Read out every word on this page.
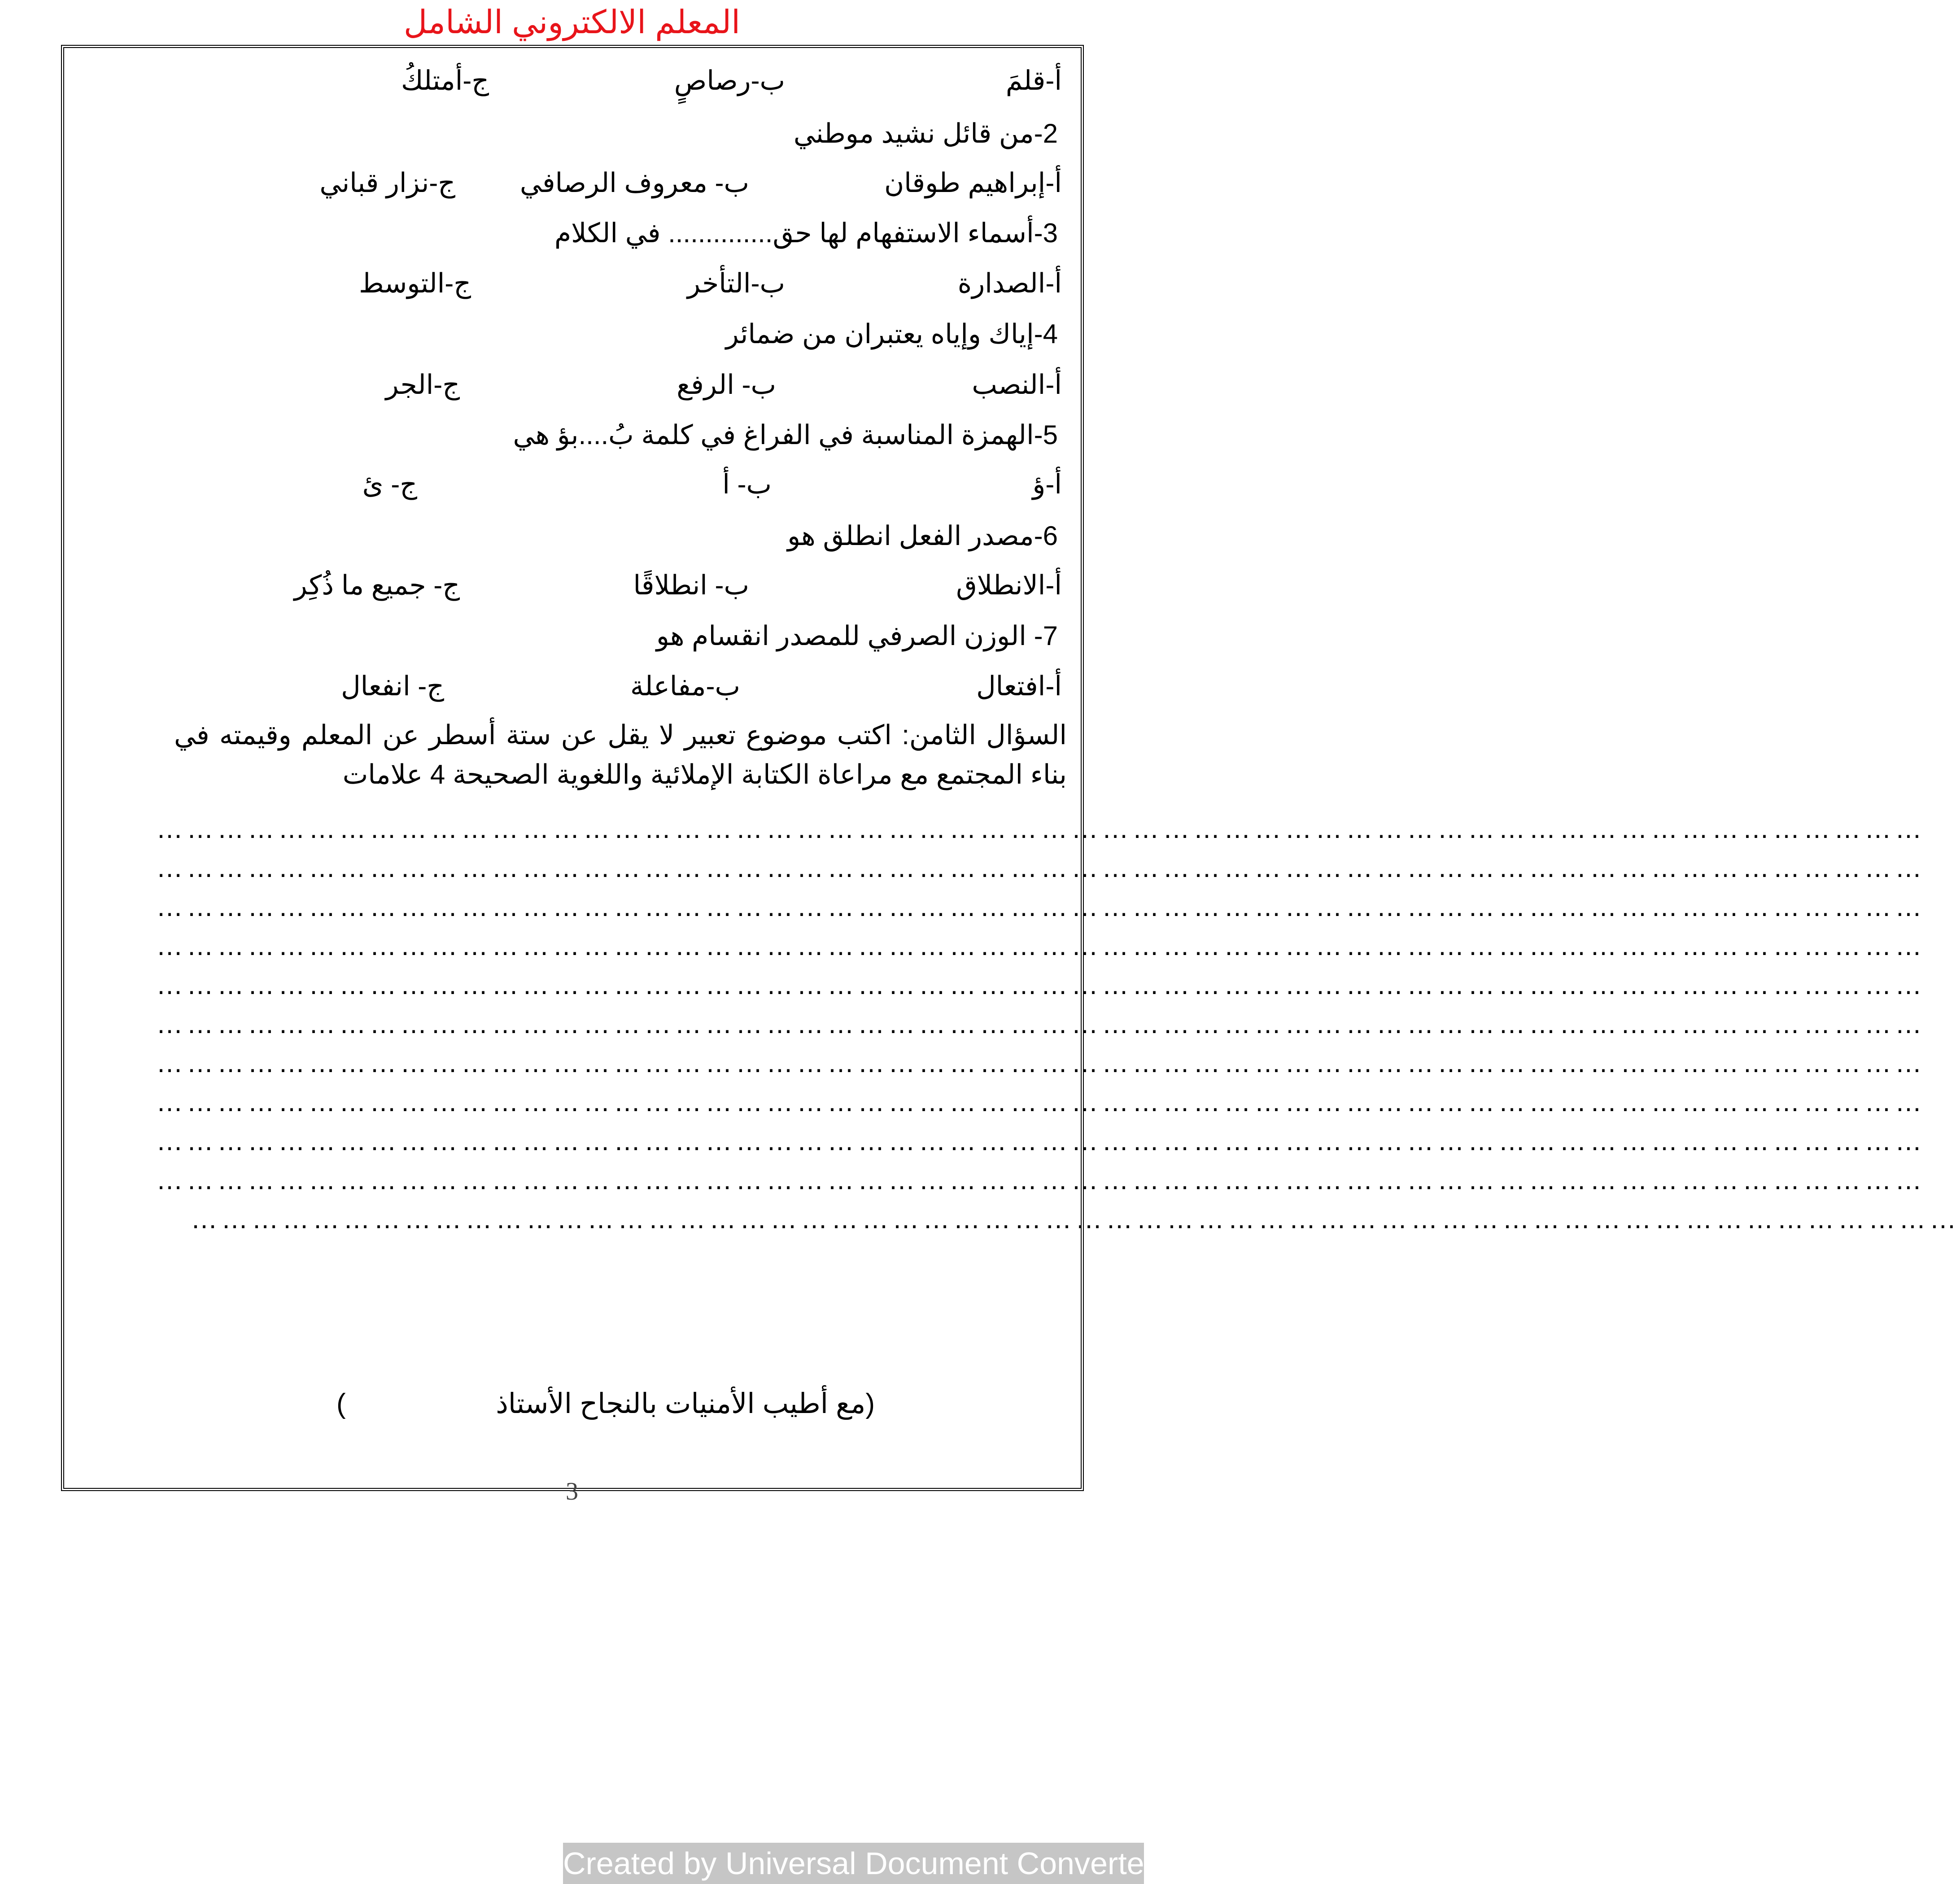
المعلم الالكتروني الشامل
أ-قلمَ
ب-رصاصٍ
ج-أمتلكُ
2-من قائل نشيد موطني
أ-إبراهيم طوقان
ب- معروف الرصافي
ج-نزار قباني
3-أسماء الاستفهام لها حق.............. في الكلام
أ-الصدارة
ب-التأخر
ج-التوسط
4-إياك وإياه يعتبران من ضمائر
أ-النصب
ب- الرفع
ج-الجر
5-الهمزة المناسبة في الفراغ في كلمة بُ....بؤ هي
أ-ؤ
ب- أ
ج- ئ
6-مصدر الفعل انطلق هو
أ-الانطلاق
ب- انطلاقًا
ج- جميع ما ذُكِر
7- الوزن الصرفي للمصدر انقسام هو
أ-افتعال
ب-مفاعلة
ج- انفعال
السؤال الثامن: اكتب موضوع تعبير لا يقل عن ستة أسطر عن المعلم وقيمته في بناء المجتمع مع مراعاة الكتابة الإملائية واللغوية الصحيحة 4 علامات
…………………………………………………………………………………………………………………………………………………………
…………………………………………………………………………………………………………………………………………………………
…………………………………………………………………………………………………………………………………………………………
…………………………………………………………………………………………………………………………………………………………
…………………………………………………………………………………………………………………………………………………………
…………………………………………………………………………………………………………………………………………………………
…………………………………………………………………………………………………………………………………………………………
…………………………………………………………………………………………………………………………………………………………
…………………………………………………………………………………………………………………………………………………………
…………………………………………………………………………………………………………………………………………………………
…………………………………………………………………………………………………………………………………………………………
(مع أطيب الأمنيات بالنجاح الأستاذ
)
3
Created by Universal Document Converter
